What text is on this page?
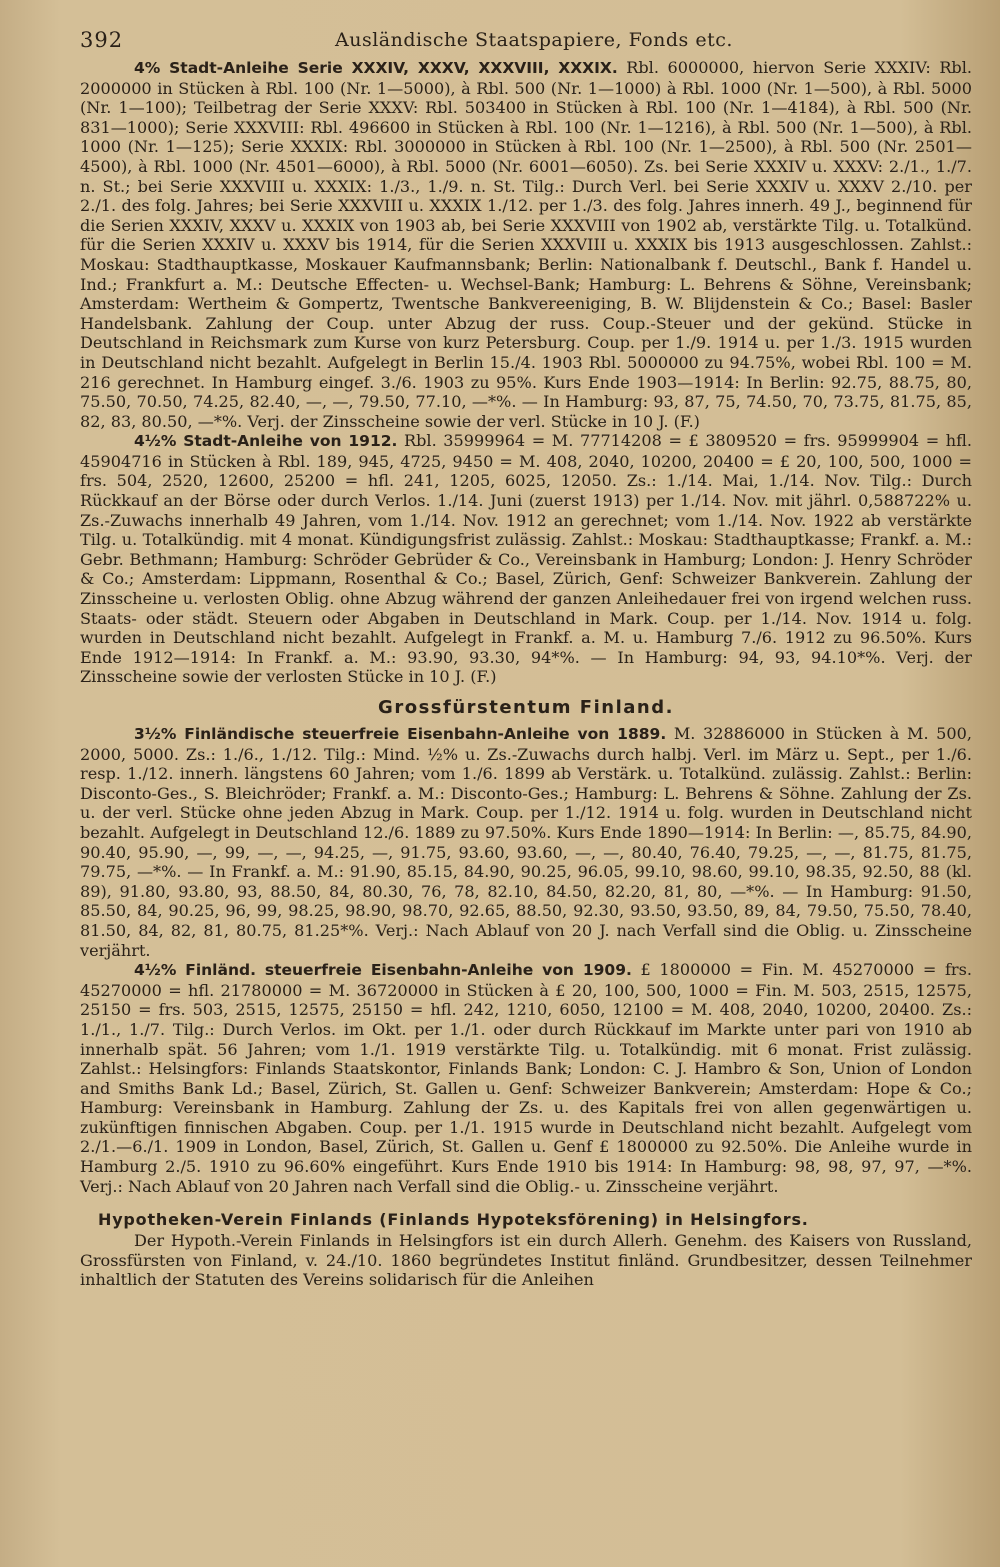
392	Ausländische Staatspapiere, Fonds etc.

4% Stadt-Anleihe Serie XXXIV, XXXV, XXXVIII, XXXIX. Rbl. 6000000, hiervon Serie XXXIV: Rbl. 2000000 in Stücken à Rbl. 100 (Nr. 1—5000), à Rbl. 500 (Nr. 1—1000) à Rbl. 1000 (Nr. 1—500), à Rbl. 5000 (Nr. 1—100); Teilbetrag der Serie XXXV: Rbl. 503400 in Stücken à Rbl. 100 (Nr. 1—4184), à Rbl. 500 (Nr. 831—1000); Serie XXXVIII: Rbl. 496600 in Stücken à Rbl. 100 (Nr. 1—1216), à Rbl. 500 (Nr. 1—500), à Rbl. 1000 (Nr. 1—125); Serie XXXIX: Rbl. 3000000 in Stücken à Rbl. 100 (Nr. 1—2500), à Rbl. 500 (Nr. 2501—4500), à Rbl. 1000 (Nr. 4501—6000), à Rbl. 5000 (Nr. 6001—6050). Zs. bei Serie XXXIV u. XXXV: 2./1., 1./7. n. St.; bei Serie XXXVIII u. XXXIX: 1./3., 1./9. n. St. Tilg.: Durch Verl. bei Serie XXXIV u. XXXV 2./10. per 2./1. des folg. Jahres; bei Serie XXXVIII u. XXXIX 1./12. per 1./3. des folg. Jahres innerh. 49 J., beginnend für die Serien XXXIV, XXXV u. XXXIX von 1903 ab, bei Serie XXXVIII von 1902 ab, verstärkte Tilg. u. Totalkünd. für die Serien XXXIV u. XXXV bis 1914, für die Serien XXXVIII u. XXXIX bis 1913 ausgeschlossen. Zahlst.: Moskau: Stadthauptkasse, Moskauer Kaufmannsbank; Berlin: Nationalbank f. Deutschl., Bank f. Handel u. Ind.; Frankfurt a. M.: Deutsche Effecten- u. Wechsel-Bank; Hamburg: L. Behrens & Söhne, Vereinsbank; Amsterdam: Wertheim & Gompertz, Twentsche Bankvereeniging, B. W. Blijdenstein & Co.; Basel: Basler Handelsbank. Zahlung der Coup. unter Abzug der russ. Coup.-Steuer und der gekünd. Stücke in Deutschland in Reichsmark zum Kurse von kurz Petersburg. Coup. per 1./9. 1914 u. per 1./3. 1915 wurden in Deutschland nicht bezahlt. Aufgelegt in Berlin 15./4. 1903 Rbl. 5000000 zu 94.75%, wobei Rbl. 100 = M. 216 gerechnet. In Hamburg eingef. 3./6. 1903 zu 95%. Kurs Ende 1903—1914: In Berlin: 92.75, 88.75, 80, 75.50, 70.50, 74.25, 82.40, —, —, 79.50, 77.10, —*%. — In Hamburg: 93, 87, 75, 74.50, 70, 73.75, 81.75, 85, 82, 83, 80.50, —*%. Verj. der Zinsscheine sowie der verl. Stücke in 10 J. (F.)

4½% Stadt-Anleihe von 1912. Rbl. 35999964 = M. 77714208 = £ 3809520 = frs. 95999904 = hfl. 45904716 in Stücken à Rbl. 189, 945, 4725, 9450 = M. 408, 2040, 10200, 20400 = £ 20, 100, 500, 1000 = frs. 504, 2520, 12600, 25200 = hfl. 241, 1205, 6025, 12050. Zs.: 1./14. Mai, 1./14. Nov. Tilg.: Durch Rückkauf an der Börse oder durch Verlos. 1./14. Juni (zuerst 1913) per 1./14. Nov. mit jährl. 0,588722% u. Zs.-Zuwachs innerhalb 49 Jahren, vom 1./14. Nov. 1912 an gerechnet; vom 1./14. Nov. 1922 ab verstärkte Tilg. u. Totalkündig. mit 4 monat. Kündigungsfrist zulässig. Zahlst.: Moskau: Stadthauptkasse; Frankf. a. M.: Gebr. Bethmann; Hamburg: Schröder Gebrüder & Co., Vereinsbank in Hamburg; London: J. Henry Schröder & Co.; Amsterdam: Lippmann, Rosenthal & Co.; Basel, Zürich, Genf: Schweizer Bankverein. Zahlung der Zinsscheine u. verlosten Oblig. ohne Abzug während der ganzen Anleihedauer frei von irgend welchen russ. Staats- oder städt. Steuern oder Abgaben in Deutschland in Mark. Coup. per 1./14. Nov. 1914 u. folg. wurden in Deutschland nicht bezahlt. Aufgelegt in Frankf. a. M. u. Hamburg 7./6. 1912 zu 96.50%. Kurs Ende 1912—1914: In Frankf. a. M.: 93.90, 93.30, 94*%. — In Hamburg: 94, 93, 94.10*%. Verj. der Zinsscheine sowie der verlosten Stücke in 10 J. (F.)

Grossfürstentum Finland.

3½% Finländische steuerfreie Eisenbahn-Anleihe von 1889. M. 32886000 in Stücken à M. 500, 2000, 5000. Zs.: 1./6., 1./12. Tilg.: Mind. ½% u. Zs.-Zuwachs durch halbj. Verl. im März u. Sept., per 1./6. resp. 1./12. innerh. längstens 60 Jahren; vom 1./6. 1899 ab Verstärk. u. Totalkünd. zulässig. Zahlst.: Berlin: Disconto-Ges., S. Bleichröder; Frankf. a. M.: Disconto-Ges.; Hamburg: L. Behrens & Söhne. Zahlung der Zs. u. der verl. Stücke ohne jeden Abzug in Mark. Coup. per 1./12. 1914 u. folg. wurden in Deutschland nicht bezahlt. Aufgelegt in Deutschland 12./6. 1889 zu 97.50%. Kurs Ende 1890—1914: In Berlin: —, 85.75, 84.90, 90.40, 95.90, —, 99, —, —, 94.25, —, 91.75, 93.60, 93.60, —, —, 80.40, 76.40, 79.25, —, —, 81.75, 81.75, 79.75, —*%. — In Frankf. a. M.: 91.90, 85.15, 84.90, 90.25, 96.05, 99.10, 98.60, 99.10, 98.35, 92.50, 88 (kl. 89), 91.80, 93.80, 93, 88.50, 84, 80.30, 76, 78, 82.10, 84.50, 82.20, 81, 80, —*%. — In Hamburg: 91.50, 85.50, 84, 90.25, 96, 99, 98.25, 98.90, 98.70, 92.65, 88.50, 92.30, 93.50, 93.50, 89, 84, 79.50, 75.50, 78.40, 81.50, 84, 82, 81, 80.75, 81.25*%. Verj.: Nach Ablauf von 20 J. nach Verfall sind die Oblig. u. Zinsscheine verjährt.

4½% Finländ. steuerfreie Eisenbahn-Anleihe von 1909. £ 1800000 = Fin. M. 45270000 = frs. 45270000 = hfl. 21780000 = M. 36720000 in Stücken à £ 20, 100, 500, 1000 = Fin. M. 503, 2515, 12575, 25150 = frs. 503, 2515, 12575, 25150 = hfl. 242, 1210, 6050, 12100 = M. 408, 2040, 10200, 20400. Zs.: 1./1., 1./7. Tilg.: Durch Verlos. im Okt. per 1./1. oder durch Rückkauf im Markte unter pari von 1910 ab innerhalb spät. 56 Jahren; vom 1./1. 1919 verstärkte Tilg. u. Totalkündig. mit 6 monat. Frist zulässig. Zahlst.: Helsingfors: Finlands Staatskontor, Finlands Bank; London: C. J. Hambro & Son, Union of London and Smiths Bank Ld.; Basel, Zürich, St. Gallen u. Genf: Schweizer Bankverein; Amsterdam: Hope & Co.; Hamburg: Vereinsbank in Hamburg. Zahlung der Zs. u. des Kapitals frei von allen gegenwärtigen u. zukünftigen finnischen Abgaben. Coup. per 1./1. 1915 wurde in Deutschland nicht bezahlt. Aufgelegt vom 2./1.—6./1. 1909 in London, Basel, Zürich, St. Gallen u. Genf £ 1800000 zu 92.50%. Die Anleihe wurde in Hamburg 2./5. 1910 zu 96.60% eingeführt. Kurs Ende 1910 bis 1914: In Hamburg: 98, 98, 97, 97, —*%. Verj.: Nach Ablauf von 20 Jahren nach Verfall sind die Oblig.- u. Zinsscheine verjährt.

Hypotheken-Verein Finlands (Finlands Hypoteksförening) in Helsingfors.

Der Hypoth.-Verein Finlands in Helsingfors ist ein durch Allerh. Genehm. des Kaisers von Russland, Grossfürsten von Finland, v. 24./10. 1860 begründetes Institut finländ. Grundbesitzer, dessen Teilnehmer inhaltlich der Statuten des Vereins solidarisch für die Anleihen
